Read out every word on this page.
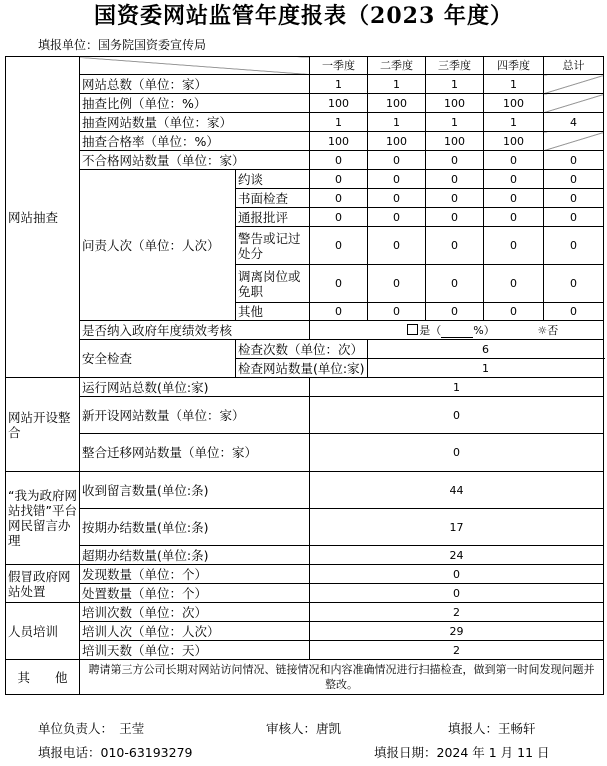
国资委网站监管年度报表（2023 年度）
填报单位：国务院国资委宣传局
网站抽查			一季度	二季度	三季度	四季度	总计
	网站总数（单位：家）		1	1	1	1	
	抽查比例（单位：%）		100	100	100	100	
	抽查网站数量（单位：家）		1	1	1	1	4
	抽查合格率（单位：%）		100	100	100	100	
	不合格网站数量（单位：家）		0	0	0	0	0
	问责人次（单位：人次）	约谈	0	0	0	0	0
		书面检查	0	0	0	0	0
		通报批评	0	0	0	0	0
		警告或记过处分	0	0	0	0	0
		调离岗位或免职	0	0	0	0	0
		其他	0	0	0	0	0
	是否纳入政府年度绩效考核		是（ %） ☼否				
	安全检查	检查次数（单位：次）		6			
		检查网站数量(单位:家)		1			
网站开设整合	运行网站总数(单位:家)		1				
	新开设网站数量（单位：家）		0				
	整合迁移网站数量（单位：家）		0				
“我为政府网站找错”平台网民留言办理	收到留言数量(单位:条)		44				
	按期办结数量(单位:条)		17				
	超期办结数量(单位:条)		24				
假冒政府网站处置	发现数量（单位：个）		0				
	处置数量（单位：个）		0				
人员培训	培训次数（单位：次）		2				
	培训人次（单位：人次）		29				
	培训天数（单位：天）		2				
其　　他	聘请第三方公司长期对网站访问情况、链接情况和内容准确情况进行扫描检查，做到第一时间发现问题并整改。						
单位负责人：　王莹	审核人：唐凯	填报人：王畅轩
填报电话：010-63193279	填报日期：2024 年 1 月 11 日
